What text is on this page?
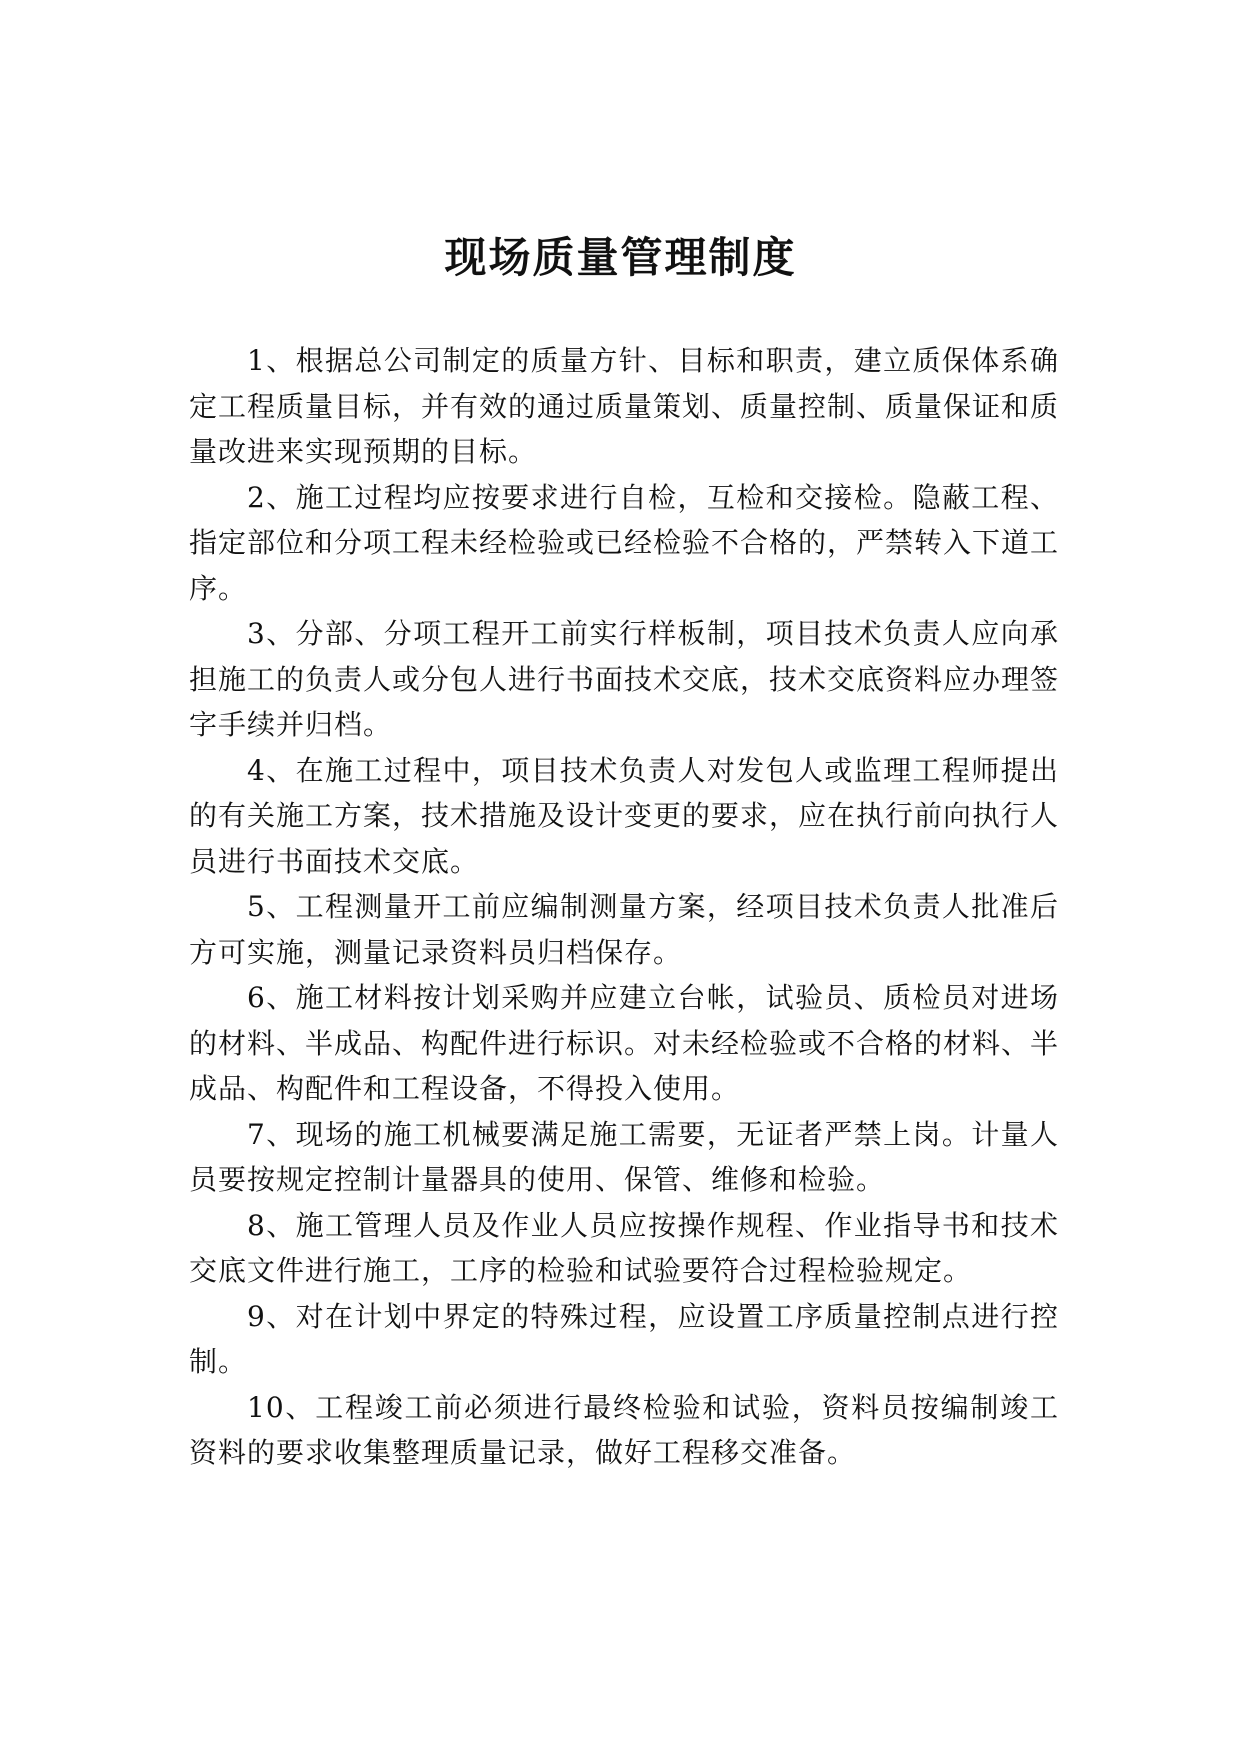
现场质量管理制度

1、根据总公司制定的质量方针、目标和职责，建立质保体系确定工程质量目标，并有效的通过质量策划、质量控制、质量保证和质量改进来实现预期的目标。

2、施工过程均应按要求进行自检，互检和交接检。隐蔽工程、指定部位和分项工程未经检验或已经检验不合格的，严禁转入下道工序。

3、分部、分项工程开工前实行样板制，项目技术负责人应向承担施工的负责人或分包人进行书面技术交底，技术交底资料应办理签字手续并归档。

4、在施工过程中，项目技术负责人对发包人或监理工程师提出的有关施工方案，技术措施及设计变更的要求，应在执行前向执行人员进行书面技术交底。

5、工程测量开工前应编制测量方案，经项目技术负责人批准后方可实施，测量记录资料员归档保存。

6、施工材料按计划采购并应建立台帐，试验员、质检员对进场的材料、半成品、构配件进行标识。对未经检验或不合格的材料、半成品、构配件和工程设备，不得投入使用。

7、现场的施工机械要满足施工需要，无证者严禁上岗。计量人员要按规定控制计量器具的使用、保管、维修和检验。

8、施工管理人员及作业人员应按操作规程、作业指导书和技术交底文件进行施工，工序的检验和试验要符合过程检验规定。

9、对在计划中界定的特殊过程，应设置工序质量控制点进行控制。

10、工程竣工前必须进行最终检验和试验，资料员按编制竣工资料的要求收集整理质量记录，做好工程移交准备。
